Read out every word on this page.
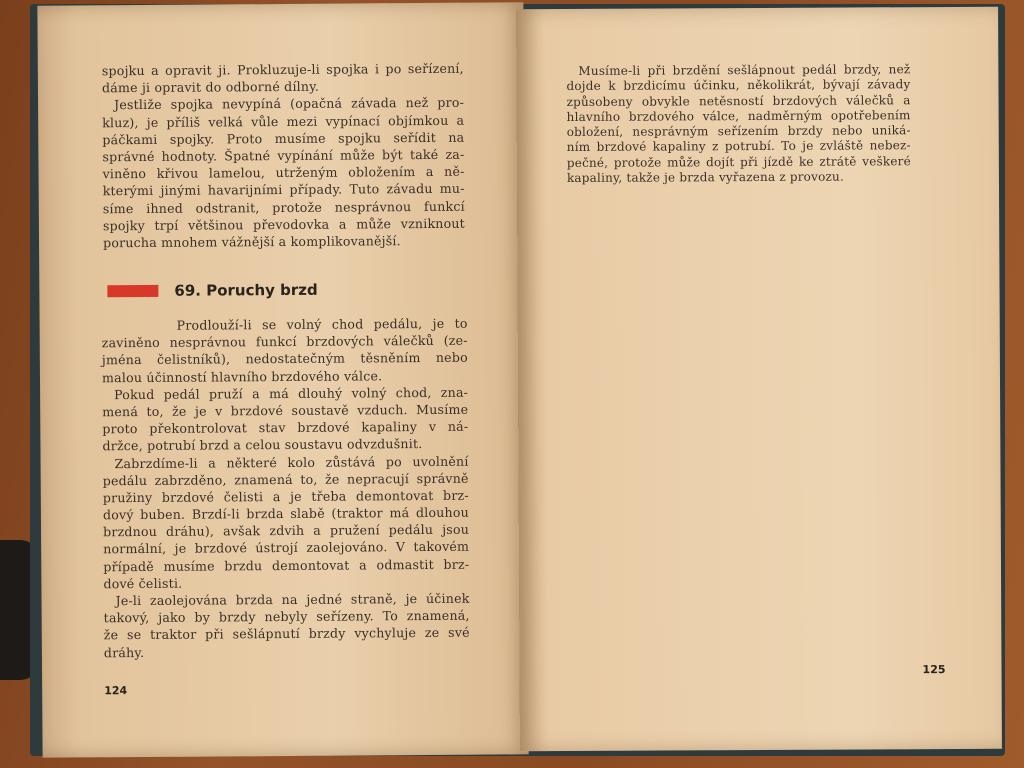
spojku a opravit ji. Prokluzuje-li spojka i po seřízení,
dáme ji opravit do odborné dílny.
Jestliže spojka nevypíná (opačná závada než pro-
kluz), je příliš velká vůle mezi vypínací objímkou a
páčkami spojky. Proto musíme spojku seřídit na
správné hodnoty. Špatné vypínání může být také za-
viněno křivou lamelou, utrženým obložením a ně-
kterými jinými havarijními případy. Tuto závadu mu-
síme ihned odstranit, protože nesprávnou funkcí
spojky trpí většinou převodovka a může vzniknout
porucha mnohem vážnější a komplikovanější.
69. Poruchy brzd
Prodlouží-li se volný chod pedálu, je to
zaviněno nesprávnou funkcí brzdových válečků (ze-
jména čelistníků), nedostatečným těsněním nebo
malou účinností hlavního brzdového válce.
Pokud pedál pruží a má dlouhý volný chod, zna-
mená to, že je v brzdové soustavě vzduch. Musíme
proto překontrolovat stav brzdové kapaliny v ná-
držce, potrubí brzd a celou soustavu odvzdušnit.
Zabrzdíme-li a některé kolo zůstává po uvolnění
pedálu zabrzděno, znamená to, že nepracují správně
pružiny brzdové čelisti a je třeba demontovat brz-
dový buben. Brzdí-li brzda slabě (traktor má dlouhou
brzdnou dráhu), avšak zdvih a pružení pedálu jsou
normální, je brzdové ústrojí zaolejováno. V takovém
případě musíme brzdu demontovat a odmastit brz-
dové čelisti.
Je-li zaolejována brzda na jedné straně, je účinek
takový, jako by brzdy nebyly seřízeny. To znamená,
že se traktor při sešlápnutí brzdy vychyluje ze své
dráhy.
124
Musíme-li při brzdění sešlápnout pedál brzdy, než
dojde k brzdicímu účinku, několikrát, bývají závady
způsobeny obvykle netěsností brzdových válečků a
hlavního brzdového válce, nadměrným opotřebením
obložení, nesprávným seřízením brzdy nebo uniká-
ním brzdové kapaliny z potrubí. To je zvláště nebez-
pečné, protože může dojít při jízdě ke ztrátě veškeré
kapaliny, takže je brzda vyřazena z provozu.
125
